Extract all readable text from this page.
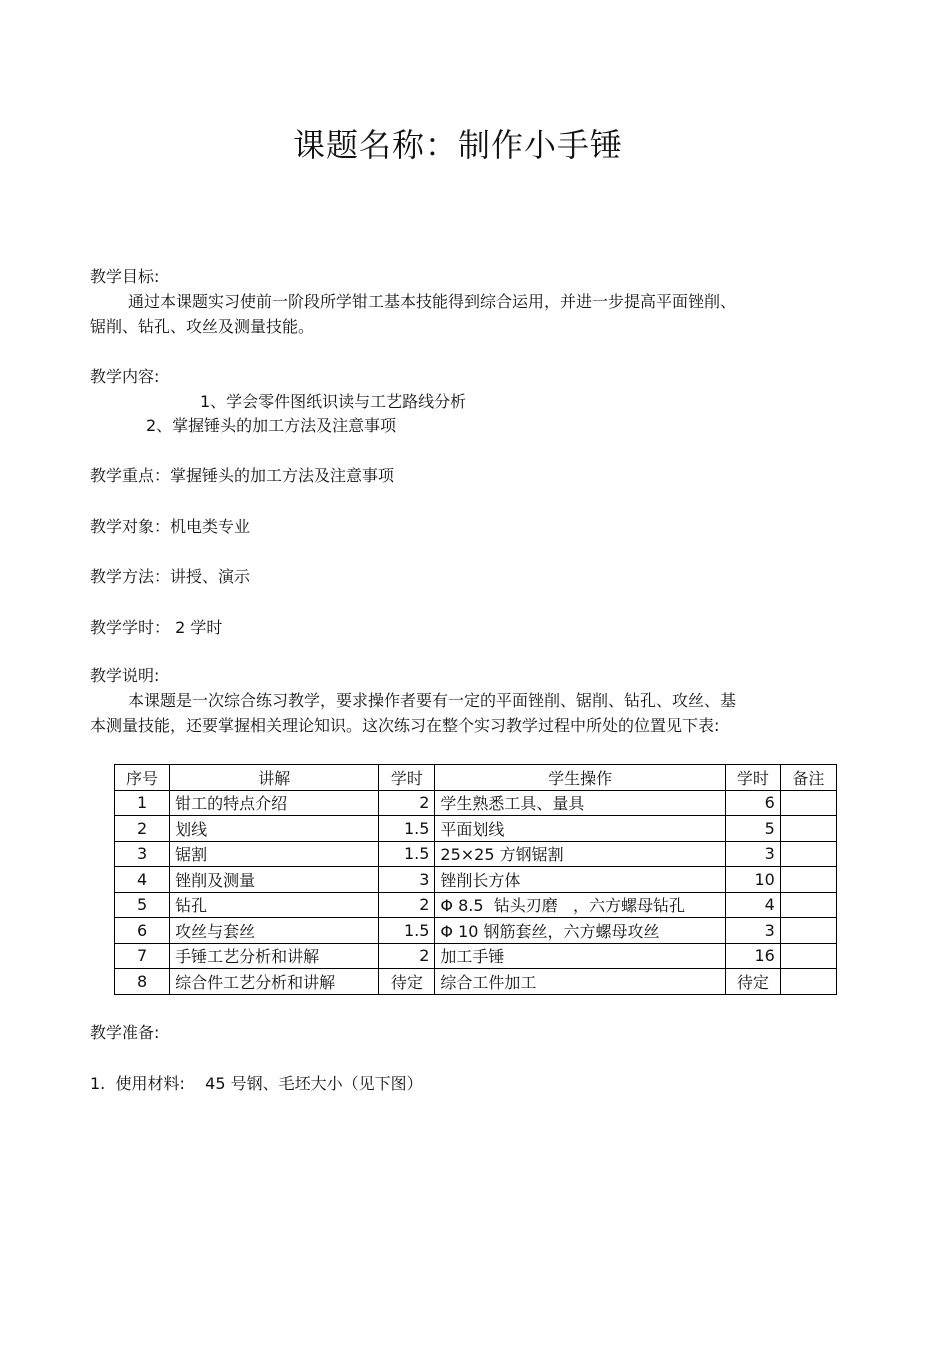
课题名称：制作小手锤
教学目标:
通过本课题实习使前一阶段所学钳工基本技能得到综合运用，并进一步提高平面锉削、
锯削、钻孔、攻丝及测量技能。
教学内容:
1、学会零件图纸识读与工艺路线分析
2、掌握锤头的加工方法及注意事项
教学重点：掌握锤头的加工方法及注意事项
教学对象：机电类专业
教学方法：讲授、演示
教学学时： 2 学时
教学说明:
本课题是一次综合练习教学，要求操作者要有一定的平面锉削、锯削、钻孔、攻丝、基
本测量技能，还要掌握相关理论知识。这次练习在整个实习教学过程中所处的位置见下表:
序号	讲解	学时	学生操作	学时	备注
1	钳工的特点介绍	2	学生熟悉工具、量具	6	
2	划线	1.5	平面划线	5	
3	锯割	1.5	25×25 方钢锯割	3	
4	锉削及测量	3	锉削长方体	10	
5	钻孔	2	Φ 8.5  钻头刃磨   ，六方螺母钻孔	4	
6	攻丝与套丝	1.5	Φ 10 钢筋套丝，六方螺母攻丝	3	
7	手锤工艺分析和讲解	2	加工手锤	16	
8	综合件工艺分析和讲解	待定	综合工件加工	待定	
教学准备:
1.  使用材料:    45 号钢、毛坯大小（见下图）
